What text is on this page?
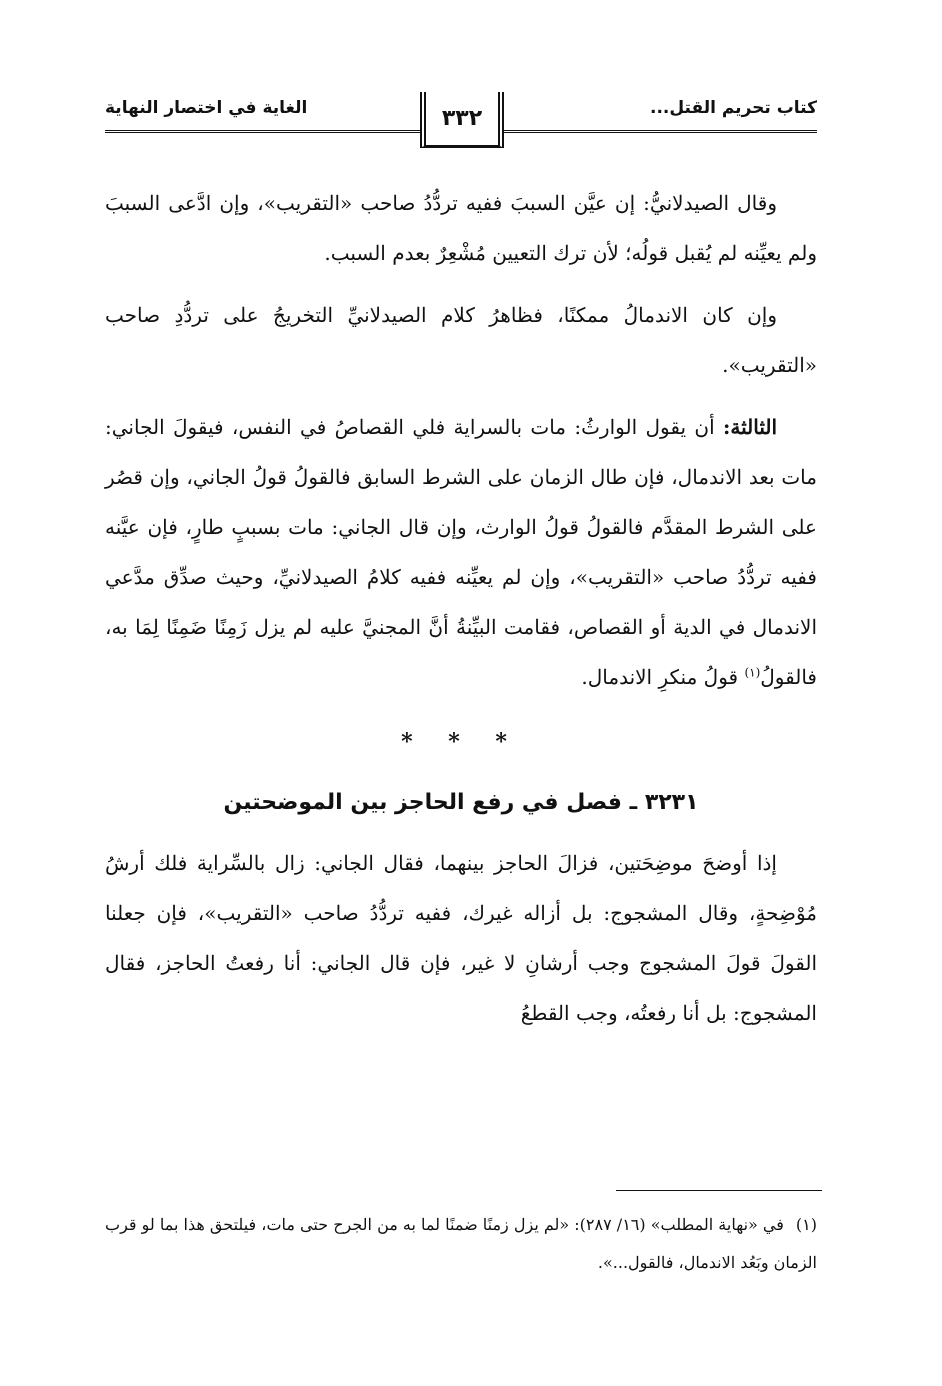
كتاب تحريم القتل...
الغاية في اختصار النهاية	٣٣٢

وقال الصيدلانيُّ: إن عيَّن السببَ ففيه تردُّدُ صاحب «التقريب»، وإن ادَّعى السببَ ولم يعيِّنه لم يُقبل قولُه؛ لأن ترك التعيين مُشْعِرٌ بعدم السبب.

وإن كان الاندمالُ ممكنًا، فظاهرُ كلام الصيدلانيِّ التخريجُ على تردُّدِ صاحب «التقريب».

الثالثة: أن يقول الوارثُ: مات بالسراية فلي القصاصُ في النفس، فيقولَ الجاني: مات بعد الاندمال، فإن طال الزمان على الشرط السابق فالقولُ قولُ الجاني، وإن قصُر على الشرط المقدَّم فالقولُ قولُ الوارث، وإن قال الجاني: مات بسببٍ طارٍ، فإن عيَّنه ففيه تردُّدُ صاحب «التقريب»، وإن لم يعيِّنه ففيه كلامُ الصيدلانيِّ، وحيث صدِّق مدَّعي الاندمال في الدية أو القصاص، فقامت البيِّنةُ أنَّ المجنيَّ عليه لم يزل زَمِنًا ضَمِنًا لِمَا به، فالقولُ$^{(١)}$ قولُ منكرِ الاندمال.

* * *
٣٢٣١ ـ فصل في رفع الحاجز بين الموضحتين

إذا أوضحَ موضِحَتين، فزالَ الحاجز بينهما، فقال الجاني: زال بالسِّراية فلك أرشُ مُوْضِحةٍ، وقال المشجوج: بل أزاله غيرك، ففيه تردُّدُ صاحب «التقريب»، فإن جعلنا القولَ قولَ المشجوج وجب أرشانِ لا غير، فإن قال الجاني: أنا رفعتُ الحاجز، فقال المشجوج: بل أنا رفعتُه، وجب القطعُ

(١)في «نهاية المطلب» (١٦/ ٢٨٧): «لم يزل زمنًا ضمنًا لما به من الجرح حتى مات، فيلتحق هذا بما لو قرب الزمان وبَعُد الاندمال، فالقول...».
